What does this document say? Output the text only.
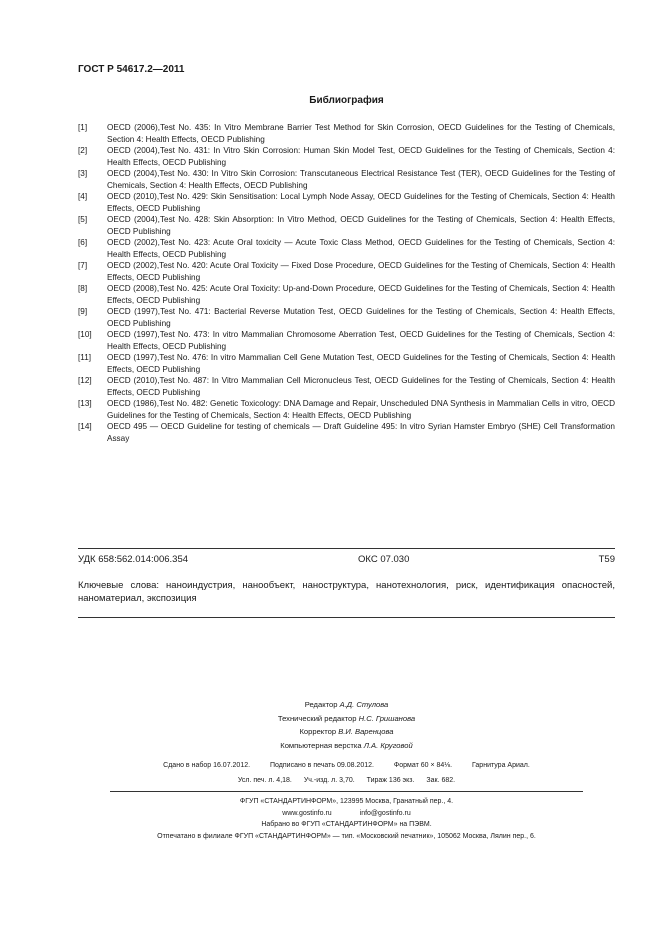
ГОСТ Р 54617.2—2011
Библиография
[1]	OECD (2006),Test No. 435: In Vitro Membrane Barrier Test Method for Skin Corrosion, OECD Guidelines for the Testing of Chemicals, Section 4: Health Effects, OECD Publishing
[2]	OECD (2004),Test No. 431: In Vitro Skin Corrosion: Human Skin Model Test, OECD Guidelines for the Testing of Chemicals, Section 4: Health Effects, OECD Publishing
[3]	OECD (2004),Test No. 430: In Vitro Skin Corrosion: Transcutaneous Electrical Resistance Test (TER), OECD Guidelines for the Testing of Chemicals, Section 4: Health Effects, OECD Publishing
[4]	OECD (2010),Test No. 429: Skin Sensitisation: Local Lymph Node Assay, OECD Guidelines for the Testing of Chemicals, Section 4: Health Effects, OECD Publishing
[5]	OECD (2004),Test No. 428: Skin Absorption: In Vitro Method, OECD Guidelines for the Testing of Chemicals, Section 4: Health Effects, OECD Publishing
[6]	OECD (2002),Test No. 423: Acute Oral toxicity — Acute Toxic Class Method, OECD Guidelines for the Testing of Chemicals, Section 4: Health Effects, OECD Publishing
[7]	OECD (2002),Test No. 420: Acute Oral Toxicity — Fixed Dose Procedure, OECD Guidelines for the Testing of Chemicals, Section 4: Health Effects, OECD Publishing
[8]	OECD (2008),Test No. 425: Acute Oral Toxicity: Up-and-Down Procedure, OECD Guidelines for the Testing of Chemicals, Section 4: Health Effects, OECD Publishing
[9]	OECD (1997),Test No. 471: Bacterial Reverse Mutation Test, OECD Guidelines for the Testing of Chemicals, Section 4: Health Effects, OECD Publishing
[10]	OECD (1997),Test No. 473: In vitro Mammalian Chromosome Aberration Test, OECD Guidelines for the Testing of Chemicals, Section 4: Health Effects, OECD Publishing
[11]	OECD (1997),Test No. 476: In vitro Mammalian Cell Gene Mutation Test, OECD Guidelines for the Testing of Chemicals, Section 4: Health Effects, OECD Publishing
[12]	OECD (2010),Test No. 487: In Vitro Mammalian Cell Micronucleus Test, OECD Guidelines for the Testing of Chemicals, Section 4: Health Effects, OECD Publishing
[13]	OECD (1986),Test No. 482: Genetic Toxicology: DNA Damage and Repair, Unscheduled DNA Synthesis in Mammalian Cells in vitro, OECD Guidelines for the Testing of Chemicals, Section 4: Health Effects, OECD Publishing
[14]	OECD 495 — OECD Guideline for testing of chemicals — Draft Guideline 495: In vitro Syrian Hamster Embryo (SHE) Cell Transformation Assay
УДК 658:562.014:006.354	ОКС 07.030	Т59
Ключевые слова: наноиндустрия, нанообъект, наноструктура, нанотехнология, риск, идентификация опасностей, наноматериал, экспозиция
Редактор А.Д. Стулова
Технический редактор Н.С. Гришанова
Корректор В.И. Варенцова
Компьютерная верстка Л.А. Круговой
Сдано в набор 16.07.2012.	Подписано в печать 09.08.2012.	Формат 60 × 84⅛.	Гарнитура Ариал.
Усл. печ. л. 4,18. Уч.-изд. л. 3,70. Тираж 136 экз. Зак. 682.
ФГУП «СТАНДАРТИНФОРМ», 123995 Москва, Гранатный пер., 4.
www.gostinfo.ru	info@gostinfo.ru
Набрано во ФГУП «СТАНДАРТИНФОРМ» на ПЭВМ.
Отпечатано в филиале ФГУП «СТАНДАРТИНФОРМ» — тип. «Московский печатник», 105062 Москва, Лялин пер., 6.
